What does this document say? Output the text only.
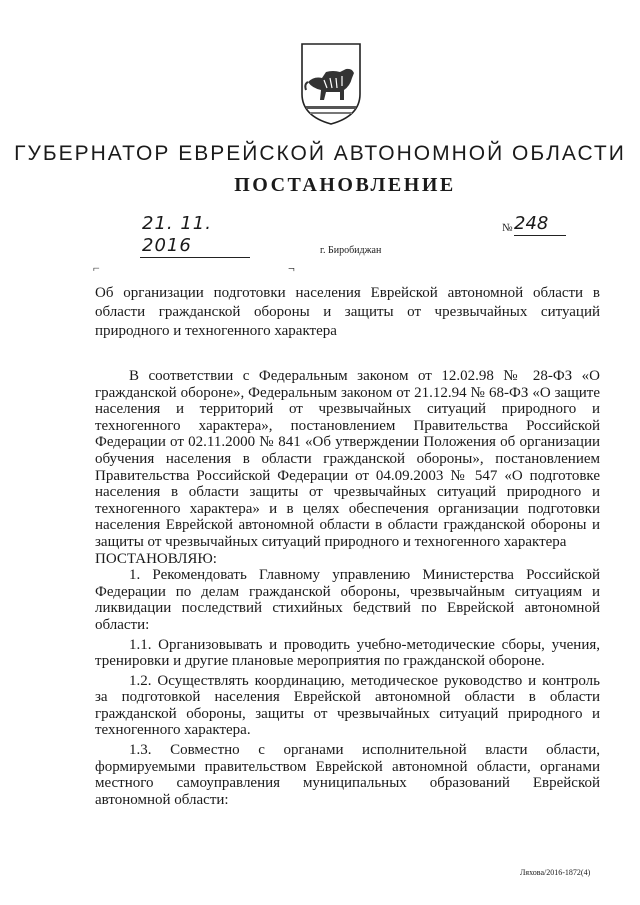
ГУБЕРНАТОР ЕВРЕЙСКОЙ АВТОНОМНОЙ ОБЛАСТИ
ПОСТАНОВЛЕНИЕ
21. 11. 2016
№ 248
г. Биробиджан
⌐	¬
Об организации подготовки населения Еврейской автономной области в области гражданской обороны и защиты от чрезвычайных ситуаций природного и техногенного характера

В соответствии с Федеральным законом от 12.02.98 № 28-ФЗ «О гражданской обороне», Федеральным законом от 21.12.94 № 68-ФЗ «О защите населения и территорий от чрезвычайных ситуаций природного и техногенного характера», постановлением Правительства Российской Федерации от 02.11.2000 № 841 «Об утверждении Положения об организации обучения населения в области гражданской обороны», постановлением Правительства Российской Федерации от 04.09.2003 № 547 «О подготовке населения в области защиты от чрезвычайных ситуаций природного и техногенного характера» и в целях обеспечения организации подготовки населения Еврейской автономной области в области гражданской обороны и защиты от чрезвычайных ситуаций природного и техногенного характера

ПОСТАНОВЛЯЮ:

1. Рекомендовать Главному управлению Министерства Российской Федерации по делам гражданской обороны, чрезвычайным ситуациям и ликвидации последствий стихийных бедствий по Еврейской автономной области:

1.1. Организовывать и проводить учебно-методические сборы, учения, тренировки и другие плановые мероприятия по гражданской обороне.

1.2. Осуществлять координацию, методическое руководство и контроль за подготовкой населения Еврейской автономной области в области гражданской обороны, защиты от чрезвычайных ситуаций природного и техногенного характера.

1.3. Совместно с органами исполнительной власти области, формируемыми правительством Еврейской автономной области, органами местного самоуправления муниципальных образований Еврейской автономной области:

Ляхова/2016-1872(4)
